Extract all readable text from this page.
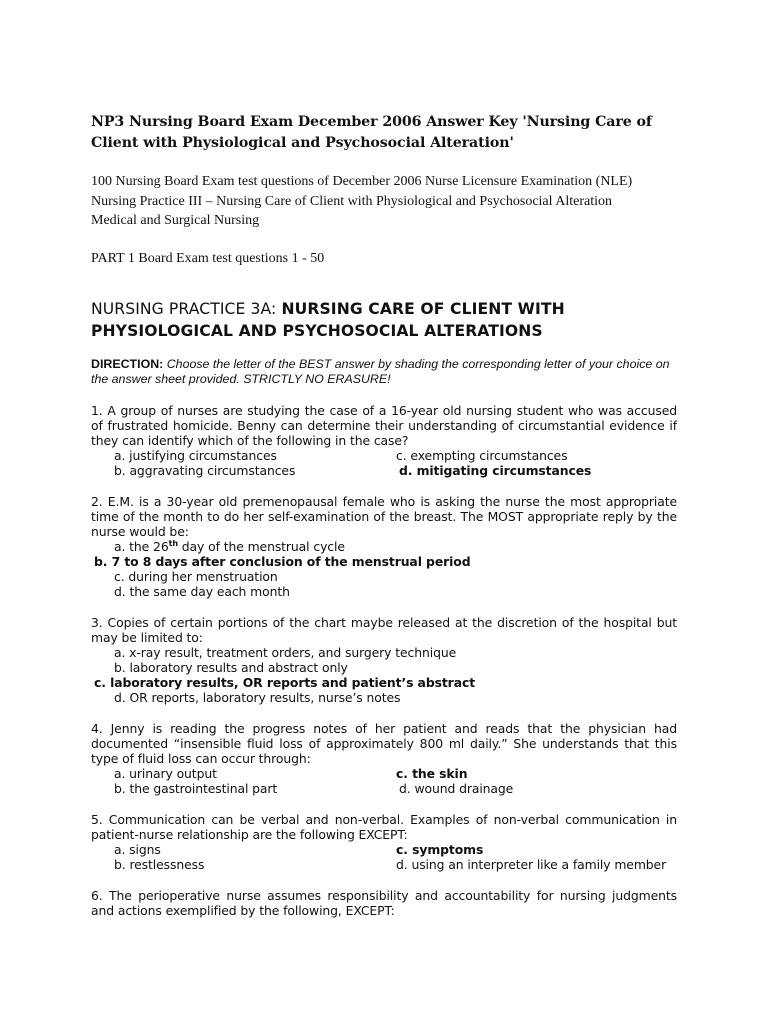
NP3 Nursing Board Exam December 2006 Answer Key 'Nursing Care of Client with Physiological and Psychosocial Alteration'
100 Nursing Board Exam test questions of December 2006 Nurse Licensure Examination (NLE)
Nursing Practice III – Nursing Care of Client with Physiological and Psychosocial Alteration
Medical and Surgical Nursing
PART 1 Board Exam test questions 1 - 50
NURSING PRACTICE 3A: NURSING CARE OF CLIENT WITH PHYSIOLOGICAL AND PSYCHOSOCIAL ALTERATIONS
DIRECTION: Choose the letter of the BEST answer by shading the corresponding letter of your choice on the answer sheet provided. STRICTLY NO ERASURE!
1. A group of nurses are studying the case of a 16-year old nursing student who was accused of frustrated homicide. Benny can determine their understanding of circumstantial evidence if they can identify which of the following in the case?
a. justifying circumstances	c. exempting circumstances
b. aggravating circumstances	d. mitigating circumstances
2. E.M. is a 30-year old premenopausal female who is asking the nurse the most appropriate time of the month to do her self-examination of the breast. The MOST appropriate reply by the nurse would be:
a. the 26th day of the menstrual cycle
b. 7 to 8 days after conclusion of the menstrual period
c. during her menstruation
d. the same day each month
3. Copies of certain portions of the chart maybe released at the discretion of the hospital but may be limited to:
a. x-ray result, treatment orders, and surgery technique
b. laboratory results and abstract only
c. laboratory results, OR reports and patient’s abstract
d. OR reports, laboratory results, nurse’s notes
4. Jenny is reading the progress notes of her patient and reads that the physician had documented “insensible fluid loss of approximately 800 ml daily.” She understands that this type of fluid loss can occur through:
a. urinary output	c. the skin
b. the gastrointestinal part	d. wound drainage
5. Communication can be verbal and non-verbal. Examples of non-verbal communication in patient-nurse relationship are the following EXCEPT:
a. signs	c. symptoms
b. restlessness	d. using an interpreter like a family member
6. The perioperative nurse assumes responsibility and accountability for nursing judgments and actions exemplified by the following, EXCEPT:
